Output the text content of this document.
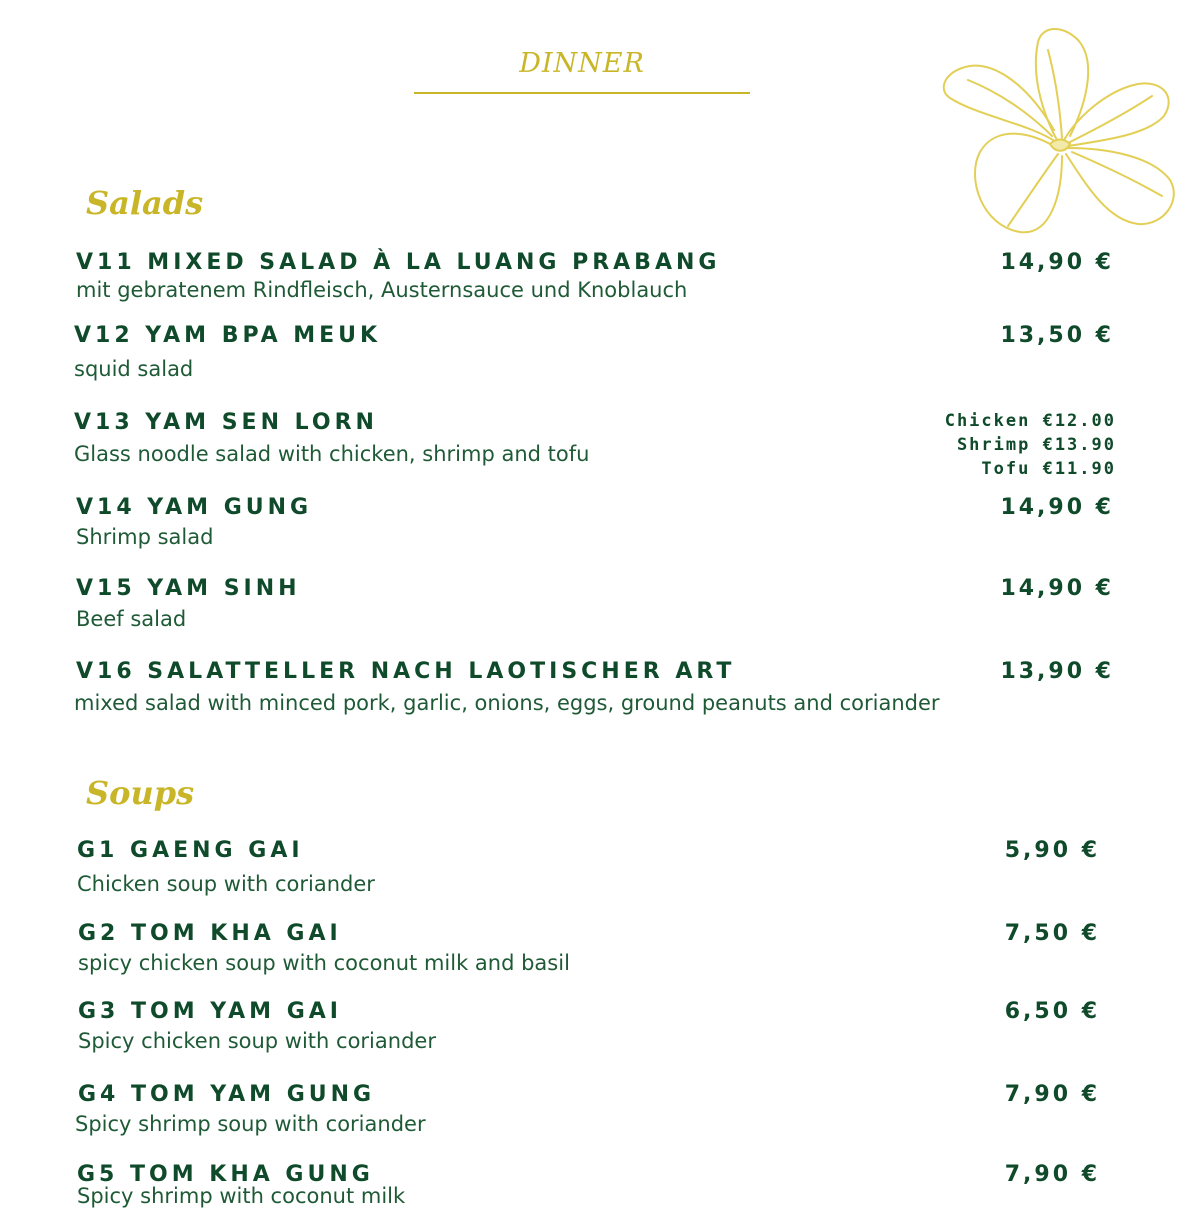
DINNER
Salads
V11 MIXED SALAD À LA LUANG PRABANG
mit gebratenem Rindfleisch, Austernsauce und Knoblauch
14,90 €
V12 YAM BPA MEUK
squid salad
13,50 €
V13 YAM SEN LORN
Glass noodle salad with chicken, shrimp and tofu
Chicken €12.00
Shrimp €13.90
Tofu €11.90
V14 YAM GUNG
Shrimp salad
14,90 €
V15 YAM SINH
Beef salad
14,90 €
V16 SALATTELLER NACH LAOTISCHER ART
mixed salad with minced pork, garlic, onions, eggs, ground peanuts and coriander
13,90 €
Soups
G1 GAENG GAI
Chicken soup with coriander
5,90 €
G2 TOM KHA GAI
spicy chicken soup with coconut milk and basil
7,50 €
G3 TOM YAM GAI
Spicy chicken soup with coriander
6,50 €
G4 TOM YAM GUNG
Spicy shrimp soup with coriander
7,90 €
G5 TOM KHA GUNG
Spicy shrimp with coconut milk
7,90 €
